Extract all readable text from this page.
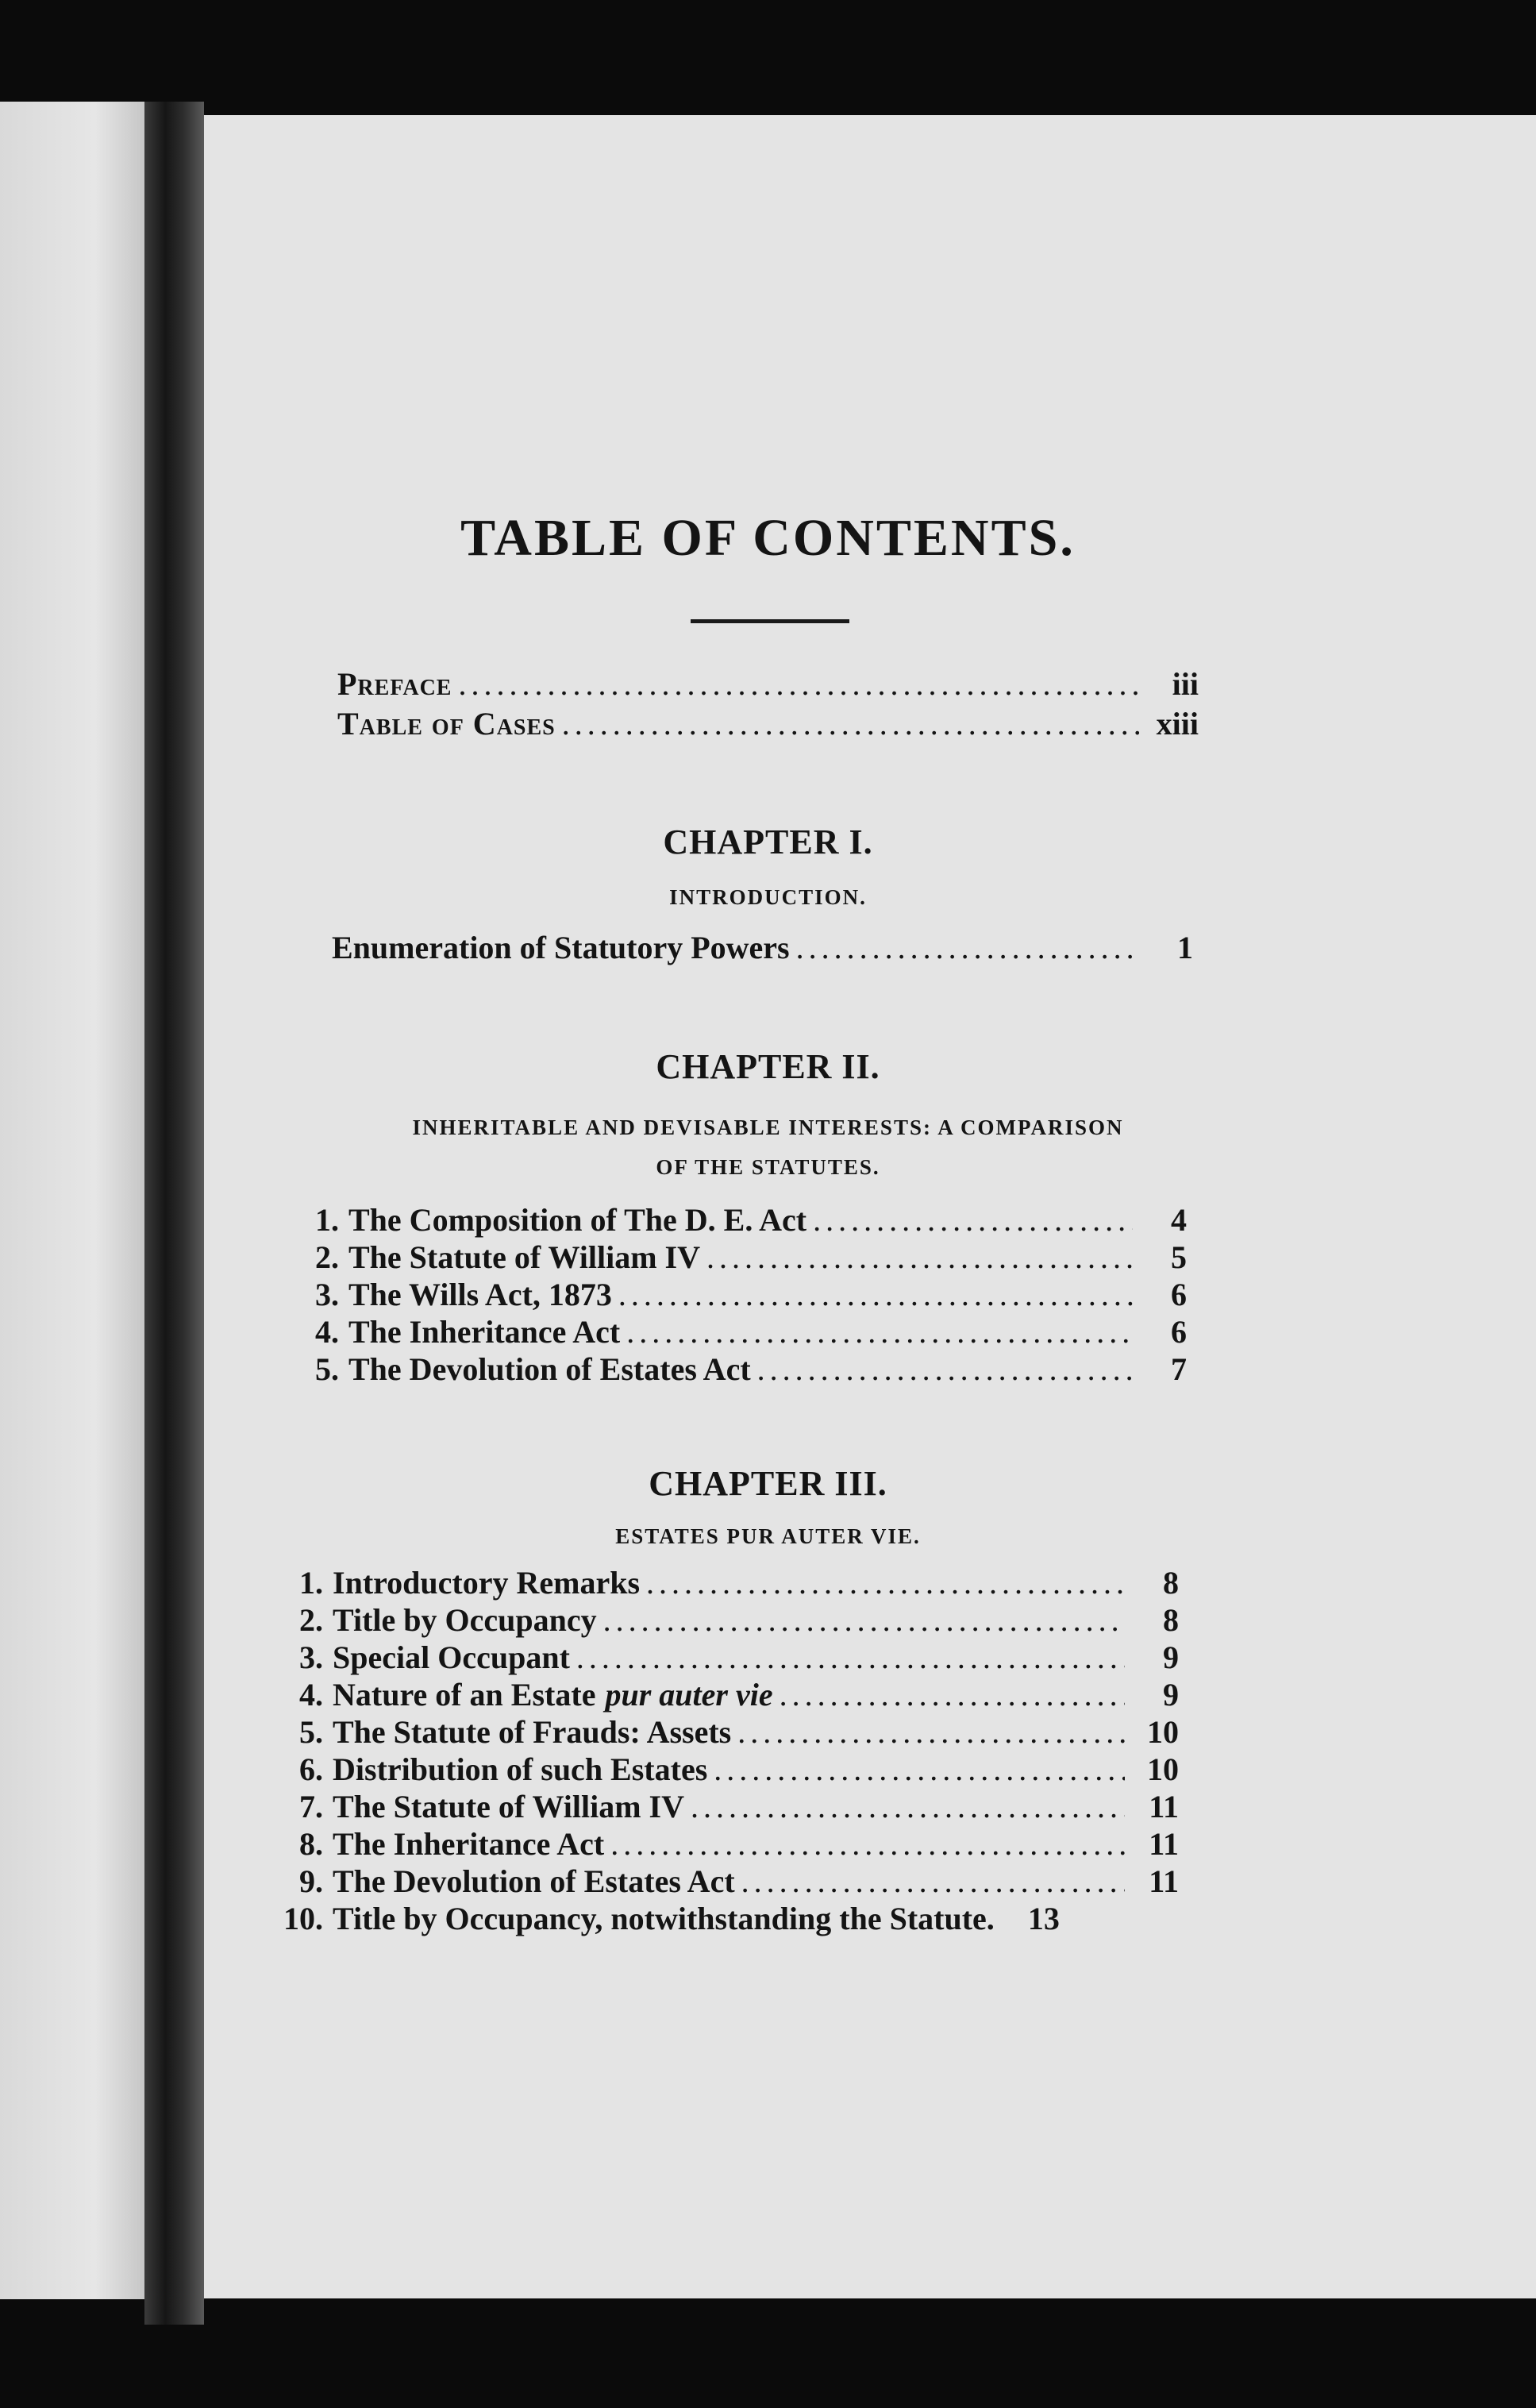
TABLE OF CONTENTS.
Preface .....	iii
Table of Cases .....	xiii
CHAPTER I.
INTRODUCTION.
Enumeration of Statutory Powers .....	1
CHAPTER II.
INHERITABLE AND DEVISABLE INTERESTS: A COMPARISON
OF THE STATUTES.
1. The Composition of The D. E. Act .....	4
2. The Statute of William IV .....	5
3. The Wills Act, 1873 .....	6
4. The Inheritance Act .....	6
5. The Devolution of Estates Act .....	7
CHAPTER III.
ESTATES PUR AUTER VIE.
1. Introductory Remarks .....	8
2. Title by Occupancy .....	8
3. Special Occupant .....	9
4. Nature of an Estate pur auter vie .....	9
5. The Statute of Frauds: Assets .....	10
6. Distribution of such Estates .....	10
7. The Statute of William IV .....	11
8. The Inheritance Act .....	11
9. The Devolution of Estates Act .....	11
10. Title by Occupancy, notwithstanding the Statute.	13
